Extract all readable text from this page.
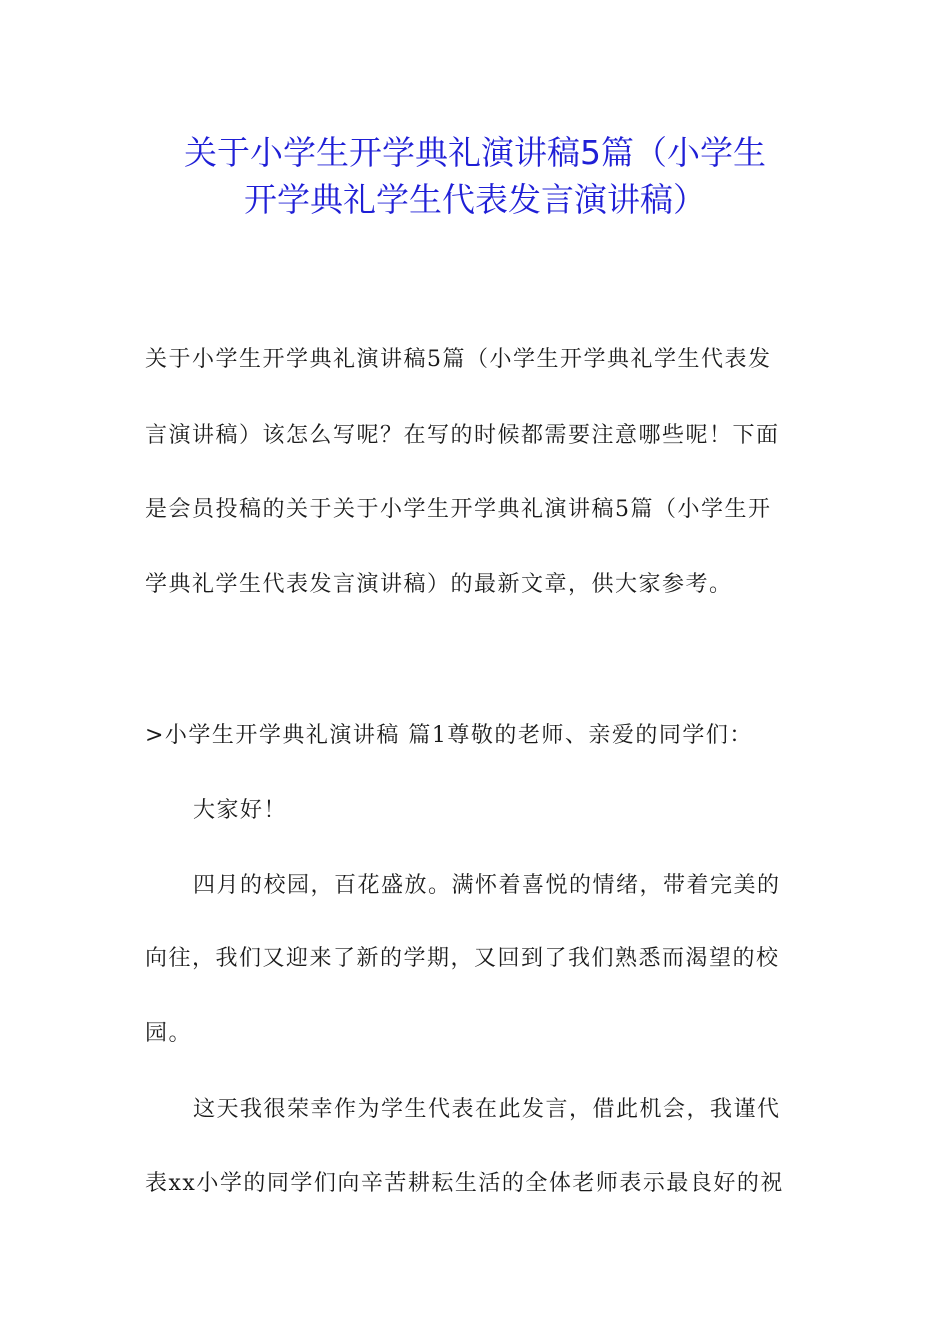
关于小学生开学典礼演讲稿5篇（小学生
开学典礼学生代表发言演讲稿）
关于小学生开学典礼演讲稿5篇（小学生开学典礼学生代表发
言演讲稿）该怎么写呢？在写的时候都需要注意哪些呢！下面
是会员投稿的关于关于小学生开学典礼演讲稿5篇（小学生开
学典礼学生代表发言演讲稿）的最新文章，供大家参考。
>小学生开学典礼演讲稿 篇1尊敬的老师、亲爱的同学们：
大家好！
四月的校园，百花盛放。满怀着喜悦的情绪，带着完美的
向往，我们又迎来了新的学期，又回到了我们熟悉而渴望的校
园。
这天我很荣幸作为学生代表在此发言，借此机会，我谨代
表xx小学的同学们向辛苦耕耘生活的全体老师表示最良好的祝
